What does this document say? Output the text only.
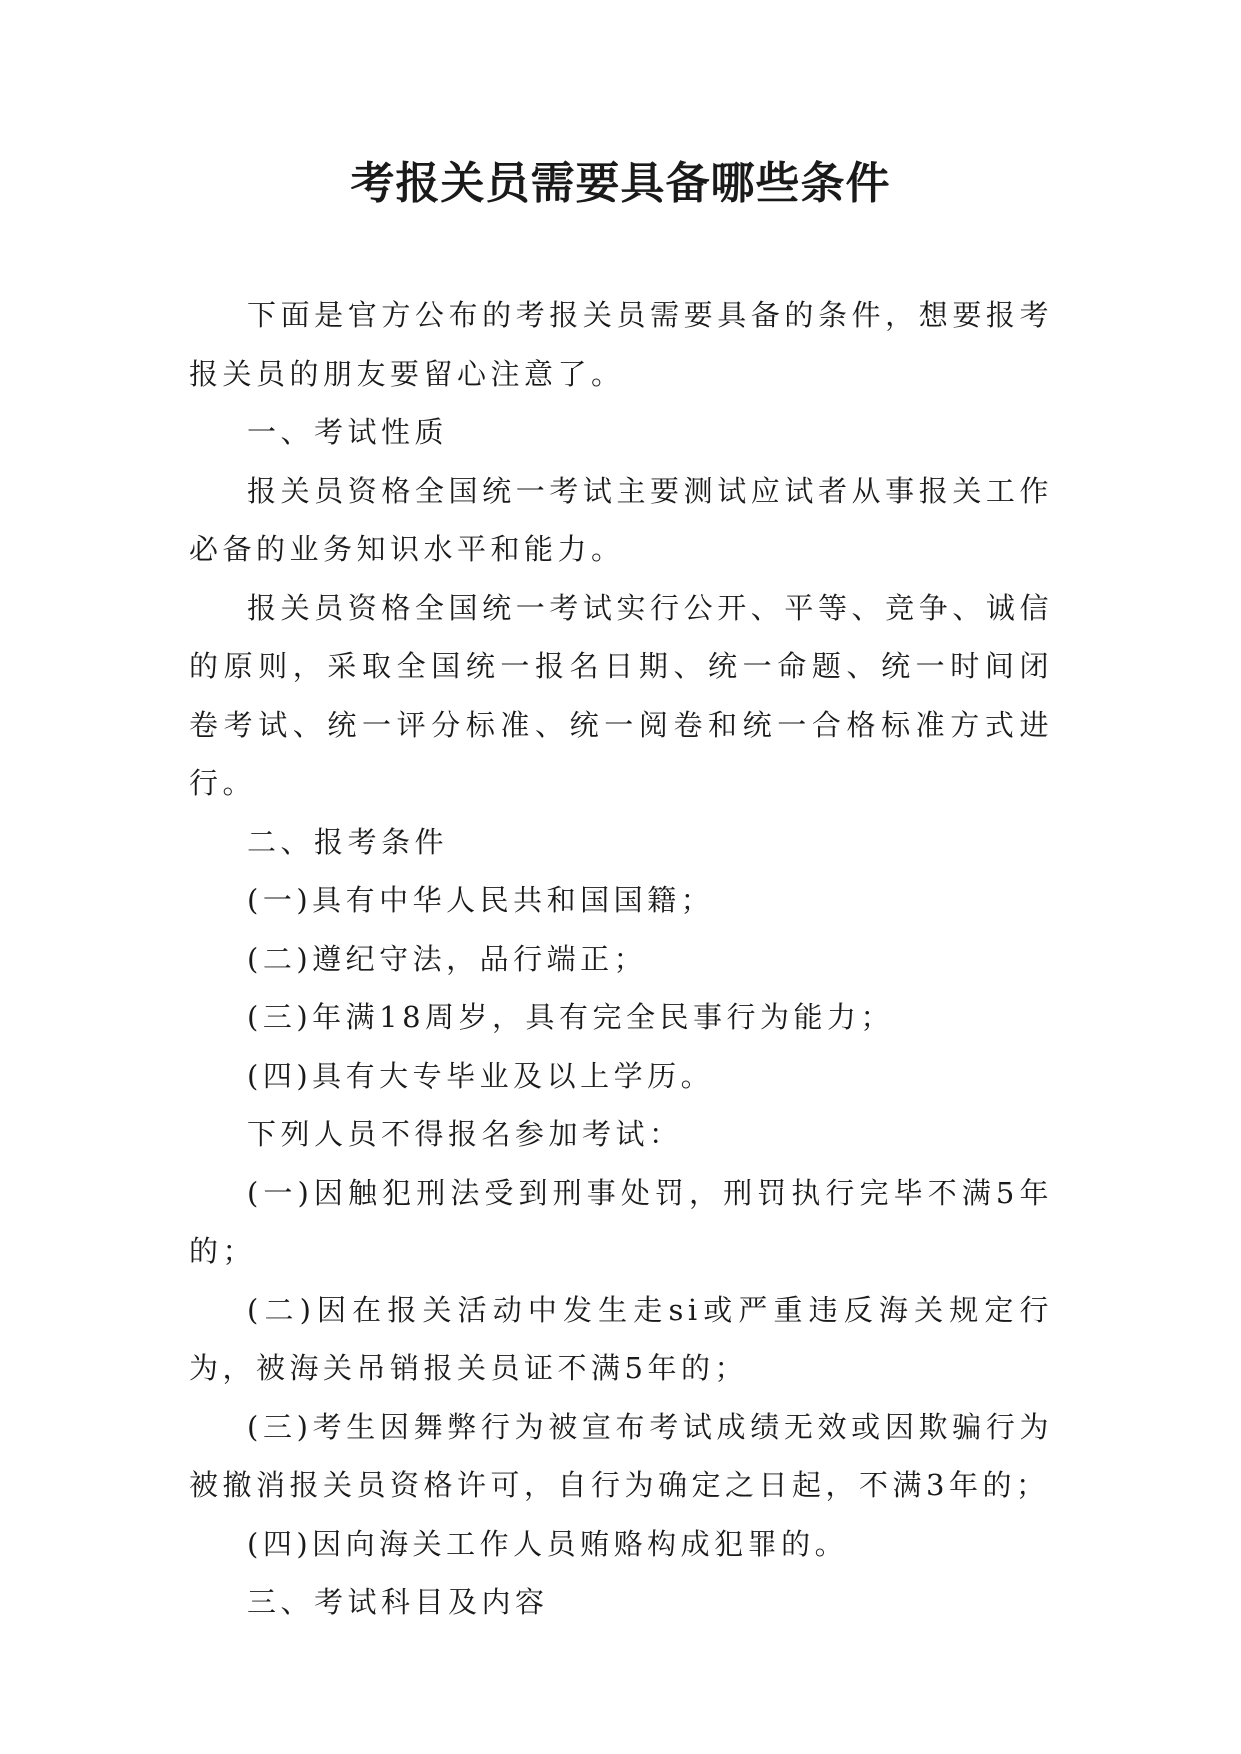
考报关员需要具备哪些条件

下面是官方公布的考报关员需要具备的条件，想要报考报关员的朋友要留心注意了。

一、考试性质

报关员资格全国统一考试主要测试应试者从事报关工作必备的业务知识水平和能力。

报关员资格全国统一考试实行公开、平等、竞争、诚信的原则，采取全国统一报名日期、统一命题、统一时间闭卷考试、统一评分标准、统一阅卷和统一合格标准方式进行。

二、报考条件

(一)具有中华人民共和国国籍；

(二)遵纪守法，品行端正；

(三)年满18周岁，具有完全民事行为能力；

(四)具有大专毕业及以上学历。

下列人员不得报名参加考试：

(一)因触犯刑法受到刑事处罚，刑罚执行完毕不满5年的；

(二)因在报关活动中发生走si或严重违反海关规定行为，被海关吊销报关员证不满5年的；

(三)考生因舞弊行为被宣布考试成绩无效或因欺骗行为被撤消报关员资格许可，自行为确定之日起，不满3年的；

(四)因向海关工作人员贿赂构成犯罪的。

三、考试科目及内容
